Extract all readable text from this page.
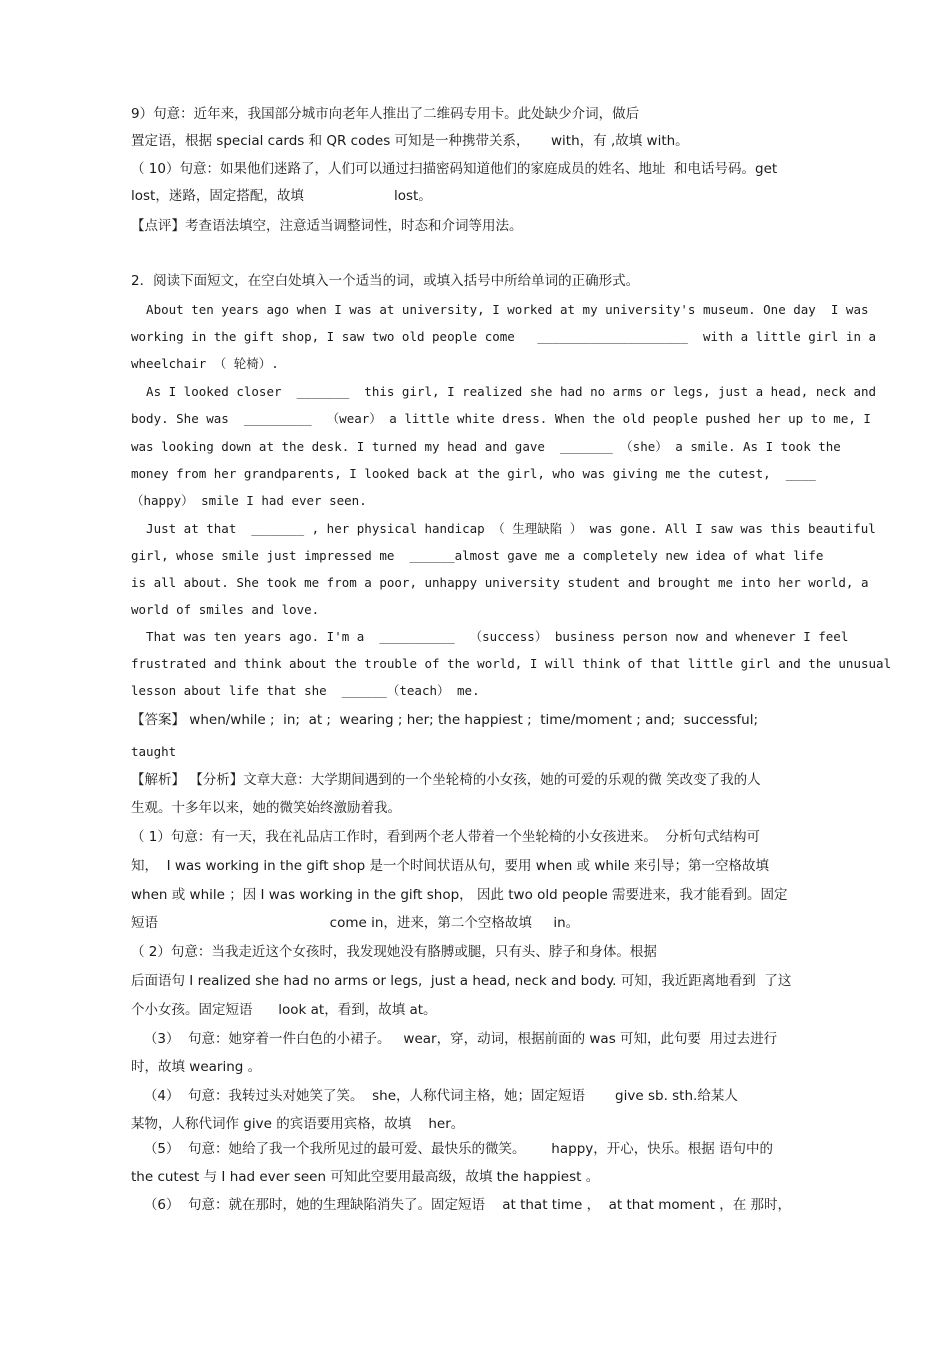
9）句意：近年来，我国部分城市向老年人推出了二维码专用卡。此处缺少介词，做后
置定语，根据 special cards 和 QR codes 可知是一种携带关系，     with，有 ,故填 with。
（ 10）句意：如果他们迷路了，人们可以通过扫描密码知道他们的家庭成员的姓名、地址  和电话号码。get
lost，迷路，固定搭配，故填                     lost。
【点评】考查语法填空，注意适当调整词性，时态和介词等用法。
2．阅读下面短文，在空白处填入一个适当的词，或填入括号中所给单词的正确形式。
About ten years ago when I was at university, I worked at my university's museum. One day  I was
working in the gift shop, I saw two old people come   ____________________  with a little girl in a
wheelchair （ 轮椅）.
As I looked closer  _______  this girl, I realized she had no arms or legs, just a head, neck and
body. She was  _________  （wear） a little white dress. When the old people pushed her up to me, I
was looking down at the desk. I turned my head and gave  _______ （she） a smile. As I took the
money from her grandparents, I looked back at the girl, who was giving me the cutest,  ____
（happy） smile I had ever seen.
Just at that  _______ , her physical handicap （ 生理缺陷 ） was gone. All I saw was this beautiful
girl, whose smile just impressed me  ______almost gave me a completely new idea of what life
is all about. She took me from a poor, unhappy university student and brought me into her world, a
world of smiles and love.
That was ten years ago. I'm a  __________  （success） business person now and whenever I feel
frustrated and think about the trouble of the world, I will think of that little girl and the unusual
lesson about life that she  ______（teach） me.
【答案】 when/while ;  in;  at ;  wearing ; her; the happiest ;  time/moment ; and;  successful;
taught
【解析】 【分析】文章大意：大学期间遇到的一个坐轮椅的小女孩，她的可爱的乐观的微 笑改变了我的人
生观。十多年以来，她的微笑始终激励着我。
（ 1）句意：有一天，我在礼品店工作时，看到两个老人带着一个坐轮椅的小女孩进来。  分析句式结构可
知，  I was working in the gift shop 是一个时间状语从句，要用 when 或 while 来引导；第一空格故填
when 或 while ；因 I was working in the gift shop， 因此 two old people 需要进来，我才能看到。固定
短语                                        come in，进来，第二个空格故填     in。
（ 2）句意：当我走近这个女孩时，我发现她没有胳膊或腿，只有头、脖子和身体。根据
后面语句 I realized she had no arms or legs,  just a head, neck and body. 可知，我近距离地看到  了这
个小女孩。固定短语      look at，看到，故填 at。
（3）  句意：她穿着一件白色的小裙子。   wear，穿，动词，根据前面的 was 可知，此句要  用过去进行
时，故填 wearing 。
（4）  句意：我转过头对她笑了笑。  she，人称代词主格，她；固定短语       give sb. sth.给某人
某物，人称代词作 give 的宾语要用宾格，故填    her。
（5）  句意：她给了我一个我所见过的最可爱、最快乐的微笑。      happy，开心，快乐。根据 语句中的
the cutest 与 I had ever seen 可知此空要用最高级，故填 the happiest 。
（6）  句意：就在那时，她的生理缺陷消失了。固定短语    at that time ，  at that moment ，在 那时，
